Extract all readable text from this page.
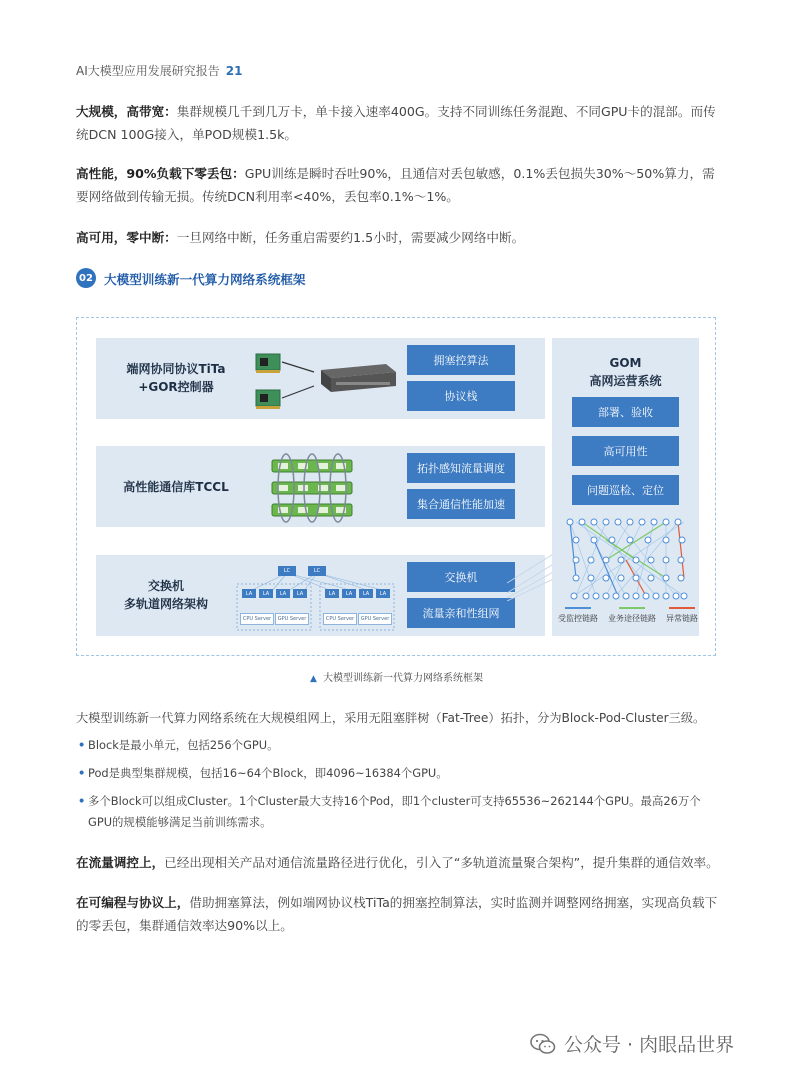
AI大模型应用发展研究报告 21
大规模，高带宽：集群规模几千到几万卡，单卡接入速率400G。支持不同训练任务混跑、不同GPU卡的混部。而传统DCN 100G接入，单POD规模1.5k。
高性能，90%负载下零丢包：GPU训练是瞬时吞吐90%，且通信对丢包敏感，0.1%丢包损失30%～50%算力，需要网络做到传输无损。传统DCN利用率<40%，丢包率0.1%～1%。
高可用，零中断：一旦网络中断，任务重启需要约1.5小时，需要减少网络中断。
02 大模型训练新一代算力网络系统框架
端网协同协议TiTa
+GOR控制器
拥塞控算法
协议栈
高性能通信库TCCL
拓扑感知流量调度
集合通信性能加速
交换机
多轨道网络架构
LC	LC
LA	LA	LA	LA	LA	LA	LA	LA
CPU Server	GPU Server	CPU Server	GPU Server
交换机
流量亲和性组网
GOM
高网运营系统
部署、验收
高可用性
问题巡检、定位
受监控链路 业务途径链路 异常链路
▲ 大模型训练新一代算力网络系统框架
大模型训练新一代算力网络系统在大规模组网上，采用无阻塞胖树（Fat-Tree）拓扑，分为Block-Pod-Cluster三级。
• Block是最小单元，包括256个GPU。
• Pod是典型集群规模，包括16~64个Block，即4096~16384个GPU。
• 多个Block可以组成Cluster。1个Cluster最大支持16个Pod，即1个cluster可支持65536~262144个GPU。最高26万个GPU的规模能够满足当前训练需求。
在流量调控上，已经出现相关产品对通信流量路径进行优化，引入了“多轨道流量聚合架构”，提升集群的通信效率。
在可编程与协议上，借助拥塞算法，例如端网协议栈TiTa的拥塞控制算法，实时监测并调整网络拥塞，实现高负载下的零丢包，集群通信效率达90%以上。
公众号 · 肉眼品世界
